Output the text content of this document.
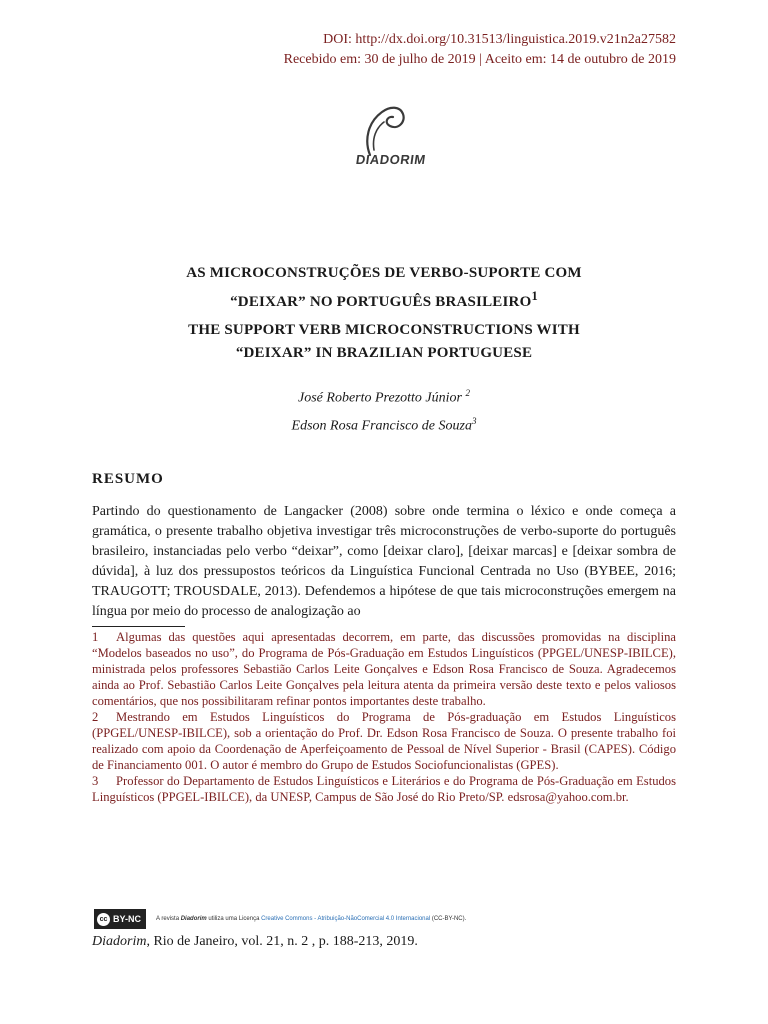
DOI: http://dx.doi.org/10.31513/linguistica.2019.v21n2a27582
Recebido em: 30 de julho de 2019 | Aceito em: 14 de outubro de 2019
DIADORIM
AS MICROCONSTRUÇÕES DE VERBO-SUPORTE COM
“DEIXAR” NO PORTUGUÊS BRASILEIRO$^1$
THE SUPPORT VERB MICROCONSTRUCTIONS WITH
“DEIXAR” IN BRAZILIAN PORTUGUESE
José Roberto Prezotto Júnior $^2$
Edson Rosa Francisco de Souza$^3$
RESUMO
Partindo do questionamento de Langacker (2008) sobre onde termina o léxico e onde começa a gramática, o presente trabalho objetiva investigar três microconstruções de verbo-suporte do português brasileiro, instanciadas pelo verbo “deixar”, como [deixar claro], [deixar marcas] e [deixar sombra de dúvida], à luz dos pressupostos teóricos da Linguística Funcional Centrada no Uso (BYBEE, 2016; TRAUGOTT; TROUSDALE, 2013). Defendemos a hipótese de que tais microconstruções emergem na língua por meio do processo de analogização ao

1 Algumas das questões aqui apresentadas decorrem, em parte, das discussões promovidas na disciplina “Modelos baseados no uso”, do Programa de Pós-Graduação em Estudos Linguísticos (PPGEL/UNESP-IBILCE), ministrada pelos professores Sebastião Carlos Leite Gonçalves e Edson Rosa Francisco de Souza. Agradecemos ainda ao Prof. Sebastião Carlos Leite Gonçalves pela leitura atenta da primeira versão deste texto e pelos valiosos comentários, que nos possibilitaram refinar pontos importantes deste trabalho.

2 Mestrando em Estudos Linguísticos do Programa de Pós-graduação em Estudos Linguísticos (PPGEL/UNESP-IBILCE), sob a orientação do Prof. Dr. Edson Rosa Francisco de Souza. O presente trabalho foi realizado com apoio da Coordenação de Aperfeiçoamento de Pessoal de Nível Superior - Brasil (CAPES). Código de Financiamento 001. O autor é membro do Grupo de Estudos Sociofuncionalistas (GPES).

3 Professor do Departamento de Estudos Linguísticos e Literários e do Programa de Pós-Graduação em Estudos Linguísticos (PPGEL-IBILCE), da UNESP, Campus de São José do Rio Preto/SP. edsrosa@yahoo.com.br.

cc BY-NC	A revista Diadorim utiliza uma Licença Creative Commons - Atribuição-NãoComercial 4.0 Internacional (CC-BY-NC).
Diadorim, Rio de Janeiro, vol. 21, n. 2 , p. 188-213, 2019.
